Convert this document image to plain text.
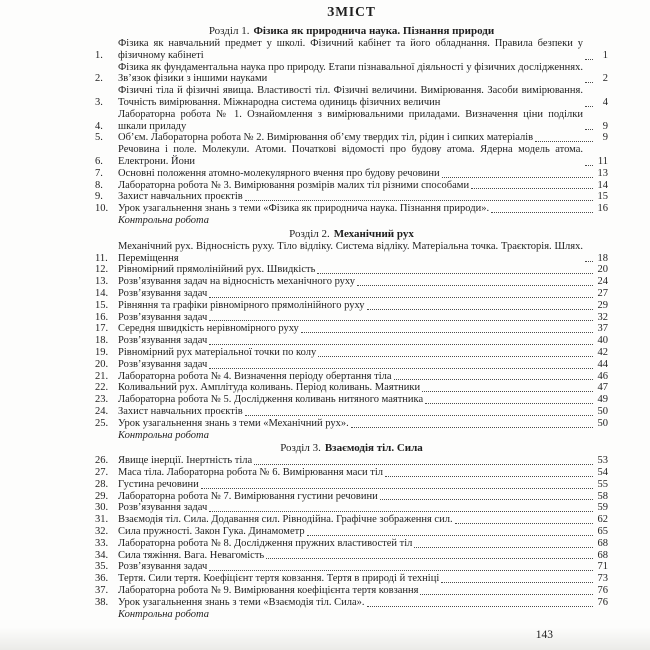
ЗМІСТ
Розділ 1. Фізика як природнича наука. Пізнання природи
1.
Фізика як навчальний предмет у школі. Фізичний кабінет та його обладнання. Правила безпеки у фізичному кабінеті	1
2.
Фізика як фундаментальна наука про природу. Етапи пізнавальної діяльності у фізичних дослідженнях. Зв’язок фізики з іншими науками	2
3.
Фізичні тіла й фізичні явища. Властивості тіл. Фізичні величини. Вимірювання. Засоби вимірювання. Точність вимірювання. Міжнародна система одиниць фізичних величин	4
4.
Лабораторна робота № 1. Ознайомлення з вимірювальними приладами. Визначення ціни поділки шкали приладу	9
5.	Об’єм. Лабораторна робота № 2. Вимірювання об’єму твердих тіл, рідин і сипких матеріалів	9
6.
Речовина і поле. Молекули. Атоми. Початкові відомості про будову атома. Ядерна модель атома. Електрони. Йони	11
7.	Основні положення атомно-молекулярного вчення про будову речовини	13
8.	Лабораторна робота № 3. Вимірювання розмірів малих тіл різними способами	14
9.	Захист навчальних проєктів	15
10. Урок узагальнення знань з теми «Фізика як природнича наука. Пізнання природи».	16
Контрольна робота
Розділ 2. Механічний рух
11.
Механічний рух. Відносність руху. Тіло відліку. Система відліку. Матеріальна точка. Траєкторія. Шлях. Переміщення	18
12. Рівномірний прямолінійний рух. Швидкість	20
13. Розв’язування задач на відносність механічного руху	24
14. Розв’язування задач	27
15. Рівняння та графіки рівномірного прямолінійного руху	29
16. Розв’язування задач	32
17. Середня швидкість нерівномірного руху	37
18. Розв’язування задач	40
19. Рівномірний рух матеріальної точки по колу	42
20. Розв’язування задач	44
21. Лабораторна робота № 4. Визначення періоду обертання тіла	46
22. Коливальний рух. Амплітуда коливань. Період коливань. Маятники	47
23. Лабораторна робота № 5. Дослідження коливань нитяного маятника	49
24. Захист навчальних проєктів	50
25. Урок узагальнення знань з теми «Механічний рух».	50
Контрольна робота
Розділ 3. Взаємодія тіл. Сила
26. Явище інерції. Інертність тіла	53
27. Маса тіла. Лабораторна робота № 6. Вимірювання маси тіл	54
28. Густина речовини	55
29. Лабораторна робота № 7. Вимірювання густини речовини	58
30. Розв’язування задач	59
31. Взаємодія тіл. Сила. Додавання сил. Рівнодійна. Графічне зображення сил.	62
32. Сила пружності. Закон Гука. Динамометр	65
33. Лабораторна робота № 8. Дослідження пружних властивостей тіл	68
34. Сила тяжіння. Вага. Невагомість	68
35. Розв’язування задач	71
36. Тертя. Сили тертя. Коефіцієнт тертя ковзання. Тертя в природі й техніці	73
37. Лабораторна робота № 9. Вимірювання коефіцієнта тертя ковзання	76
38. Урок узагальнення знань з теми «Взаємодія тіл. Сила».	76
Контрольна робота
143
